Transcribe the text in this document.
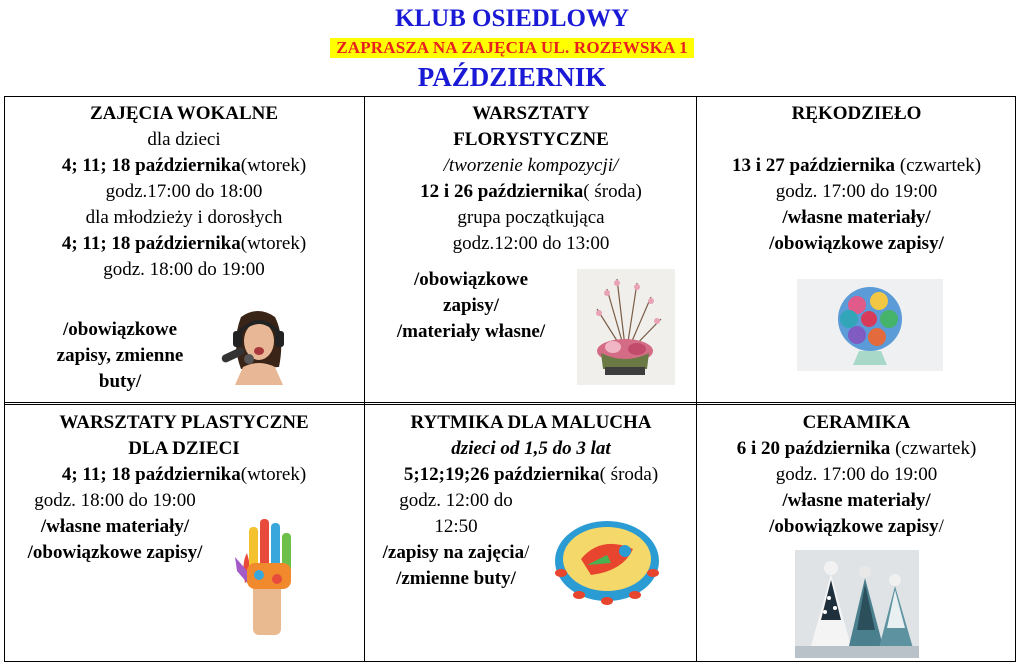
KLUB OSIEDLOWY
ZAPRASZA NA ZAJĘCIA UL. ROZEWSKA 1
PAŹDZIERNIK
ZAJĘCIA WOKALNE
dla dzieci
4; 11; 18 października(wtorek)
godz.17:00 do 18:00
dla młodzieży i dorosłych
4; 11; 18 października(wtorek)
godz. 18:00 do 19:00
/obowiązkowe
zapisy, zmienne
buty/
WARSZTATY
FLORYSTYCZNE
/tworzenie kompozycji/
12 i 26 października( środa)
grupa początkująca
godz.12:00 do 13:00
/obowiązkowe
zapisy/
/materiały własne/
RĘKODZIEŁO
13 i 27 października (czwartek)
godz. 17:00 do 19:00
/własne materiały/
/obowiązkowe zapisy/
WARSZTATY PLASTYCZNE
DLA DZIECI
4; 11; 18 października(wtorek)
godz. 18:00 do 19:00
/własne materiały/
/obowiązkowe zapisy/
RYTMIKA DLA MALUCHA
dzieci od 1,5 do 3 lat
5;12;19;26 października( środa)
godz. 12:00 do
12:50
/zapisy na zajęcia/
/zmienne buty/
CERAMIKA
6 i 20 października (czwartek)
godz. 17:00 do 19:00
/własne materiały/
/obowiązkowe zapisy/
